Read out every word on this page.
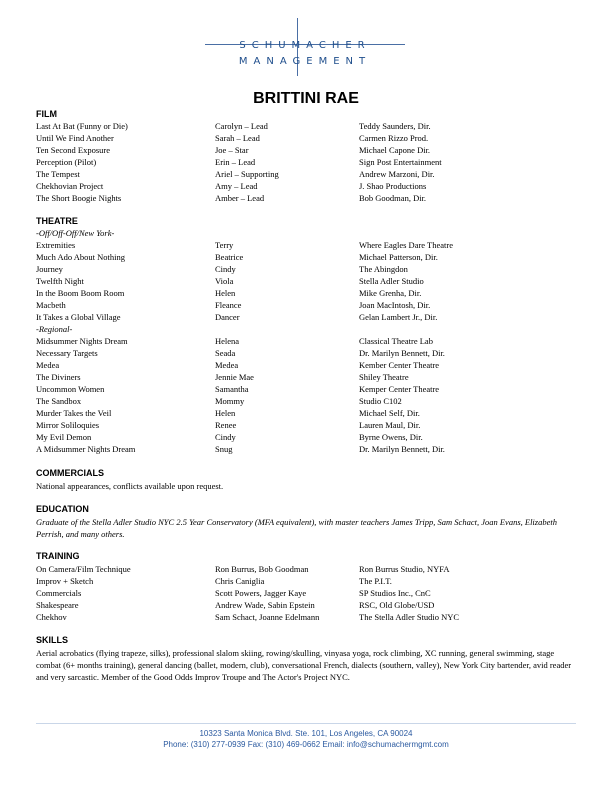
SCHUMACHER
MANAGEMENT
BRITTINI RAE
FILM
Last At Bat (Funny or Die)	Carolyn – Lead	Teddy Saunders, Dir.
Until We Find Another	Sarah – Lead	Carmen Rizzo Prod.
Ten Second Exposure	Joe – Star	Michael Capone Dir.
Perception (Pilot)	Erin – Lead	Sign Post Entertainment
The Tempest	Ariel – Supporting	Andrew Marzoni, Dir.
Chekhovian Project	Amy – Lead	J. Shao Productions
The Short Boogie Nights	Amber – Lead	Bob Goodman, Dir.
THEATRE
-Off/Off-Off/New York-
Extremities	Terry	Where Eagles Dare Theatre
Much Ado About Nothing	Beatrice	Michael Patterson, Dir.
Journey	Cindy	The Abingdon
Twelfth Night	Viola	Stella Adler Studio
In the Boom Boom Room	Helen	Mike Grenha, Dir.
Macbeth	Fleance	Joan MacIntosh, Dir.
It Takes a Global Village	Dancer	Gelan Lambert Jr., Dir.
-Regional-
Midsummer Nights Dream	Helena	Classical Theatre Lab
Necessary Targets	Seada	Dr. Marilyn Bennett, Dir.
Medea	Medea	Kember Center Theatre
The Diviners	Jennie Mae	Shiley Theatre
Uncommon Women	Samantha	Kemper Center Theatre
The Sandbox	Mommy	Studio C102
Murder Takes the Veil	Helen	Michael Self, Dir.
Mirror Soliloquies	Renee	Lauren Maul, Dir.
My Evil Demon	Cindy	Byrne Owens, Dir.
A Midsummer Nights Dream	Snug	Dr. Marilyn Bennett, Dir.
COMMERCIALS
National appearances, conflicts available upon request.
EDUCATION
Graduate of the Stella Adler Studio NYC 2.5 Year Conservatory (MFA equivalent), with master teachers James Tripp, Sam Schact, Joan Evans, Elizabeth Perrish, and many others.
TRAINING
On Camera/Film Technique	Ron Burrus, Bob Goodman	Ron Burrus Studio, NYFA
Improv + Sketch	Chris Caniglia	The P.I.T.
Commercials	Scott Powers, Jagger Kaye	SP Studios Inc., CnC
Shakespeare	Andrew Wade, Sabin Epstein	RSC, Old Globe/USD
Chekhov	Sam Schact, Joanne Edelmann	The Stella Adler Studio NYC
SKILLS
Aerial acrobatics (flying trapeze, silks), professional slalom skiing, rowing/skulling, vinyasa yoga, rock climbing, XC running, general swimming, stage combat (6+ months training), general dancing (ballet, modern, club), conversational French, dialects (southern, valley), New York City bartender, avid reader and very sarcastic. Member of the Good Odds Improv Troupe and The Actor's Project NYC.
10323 Santa Monica Blvd. Ste. 101, Los Angeles, CA 90024
Phone: (310) 277-0939 Fax: (310) 469-0662 Email: info@schumachermgmt.com
